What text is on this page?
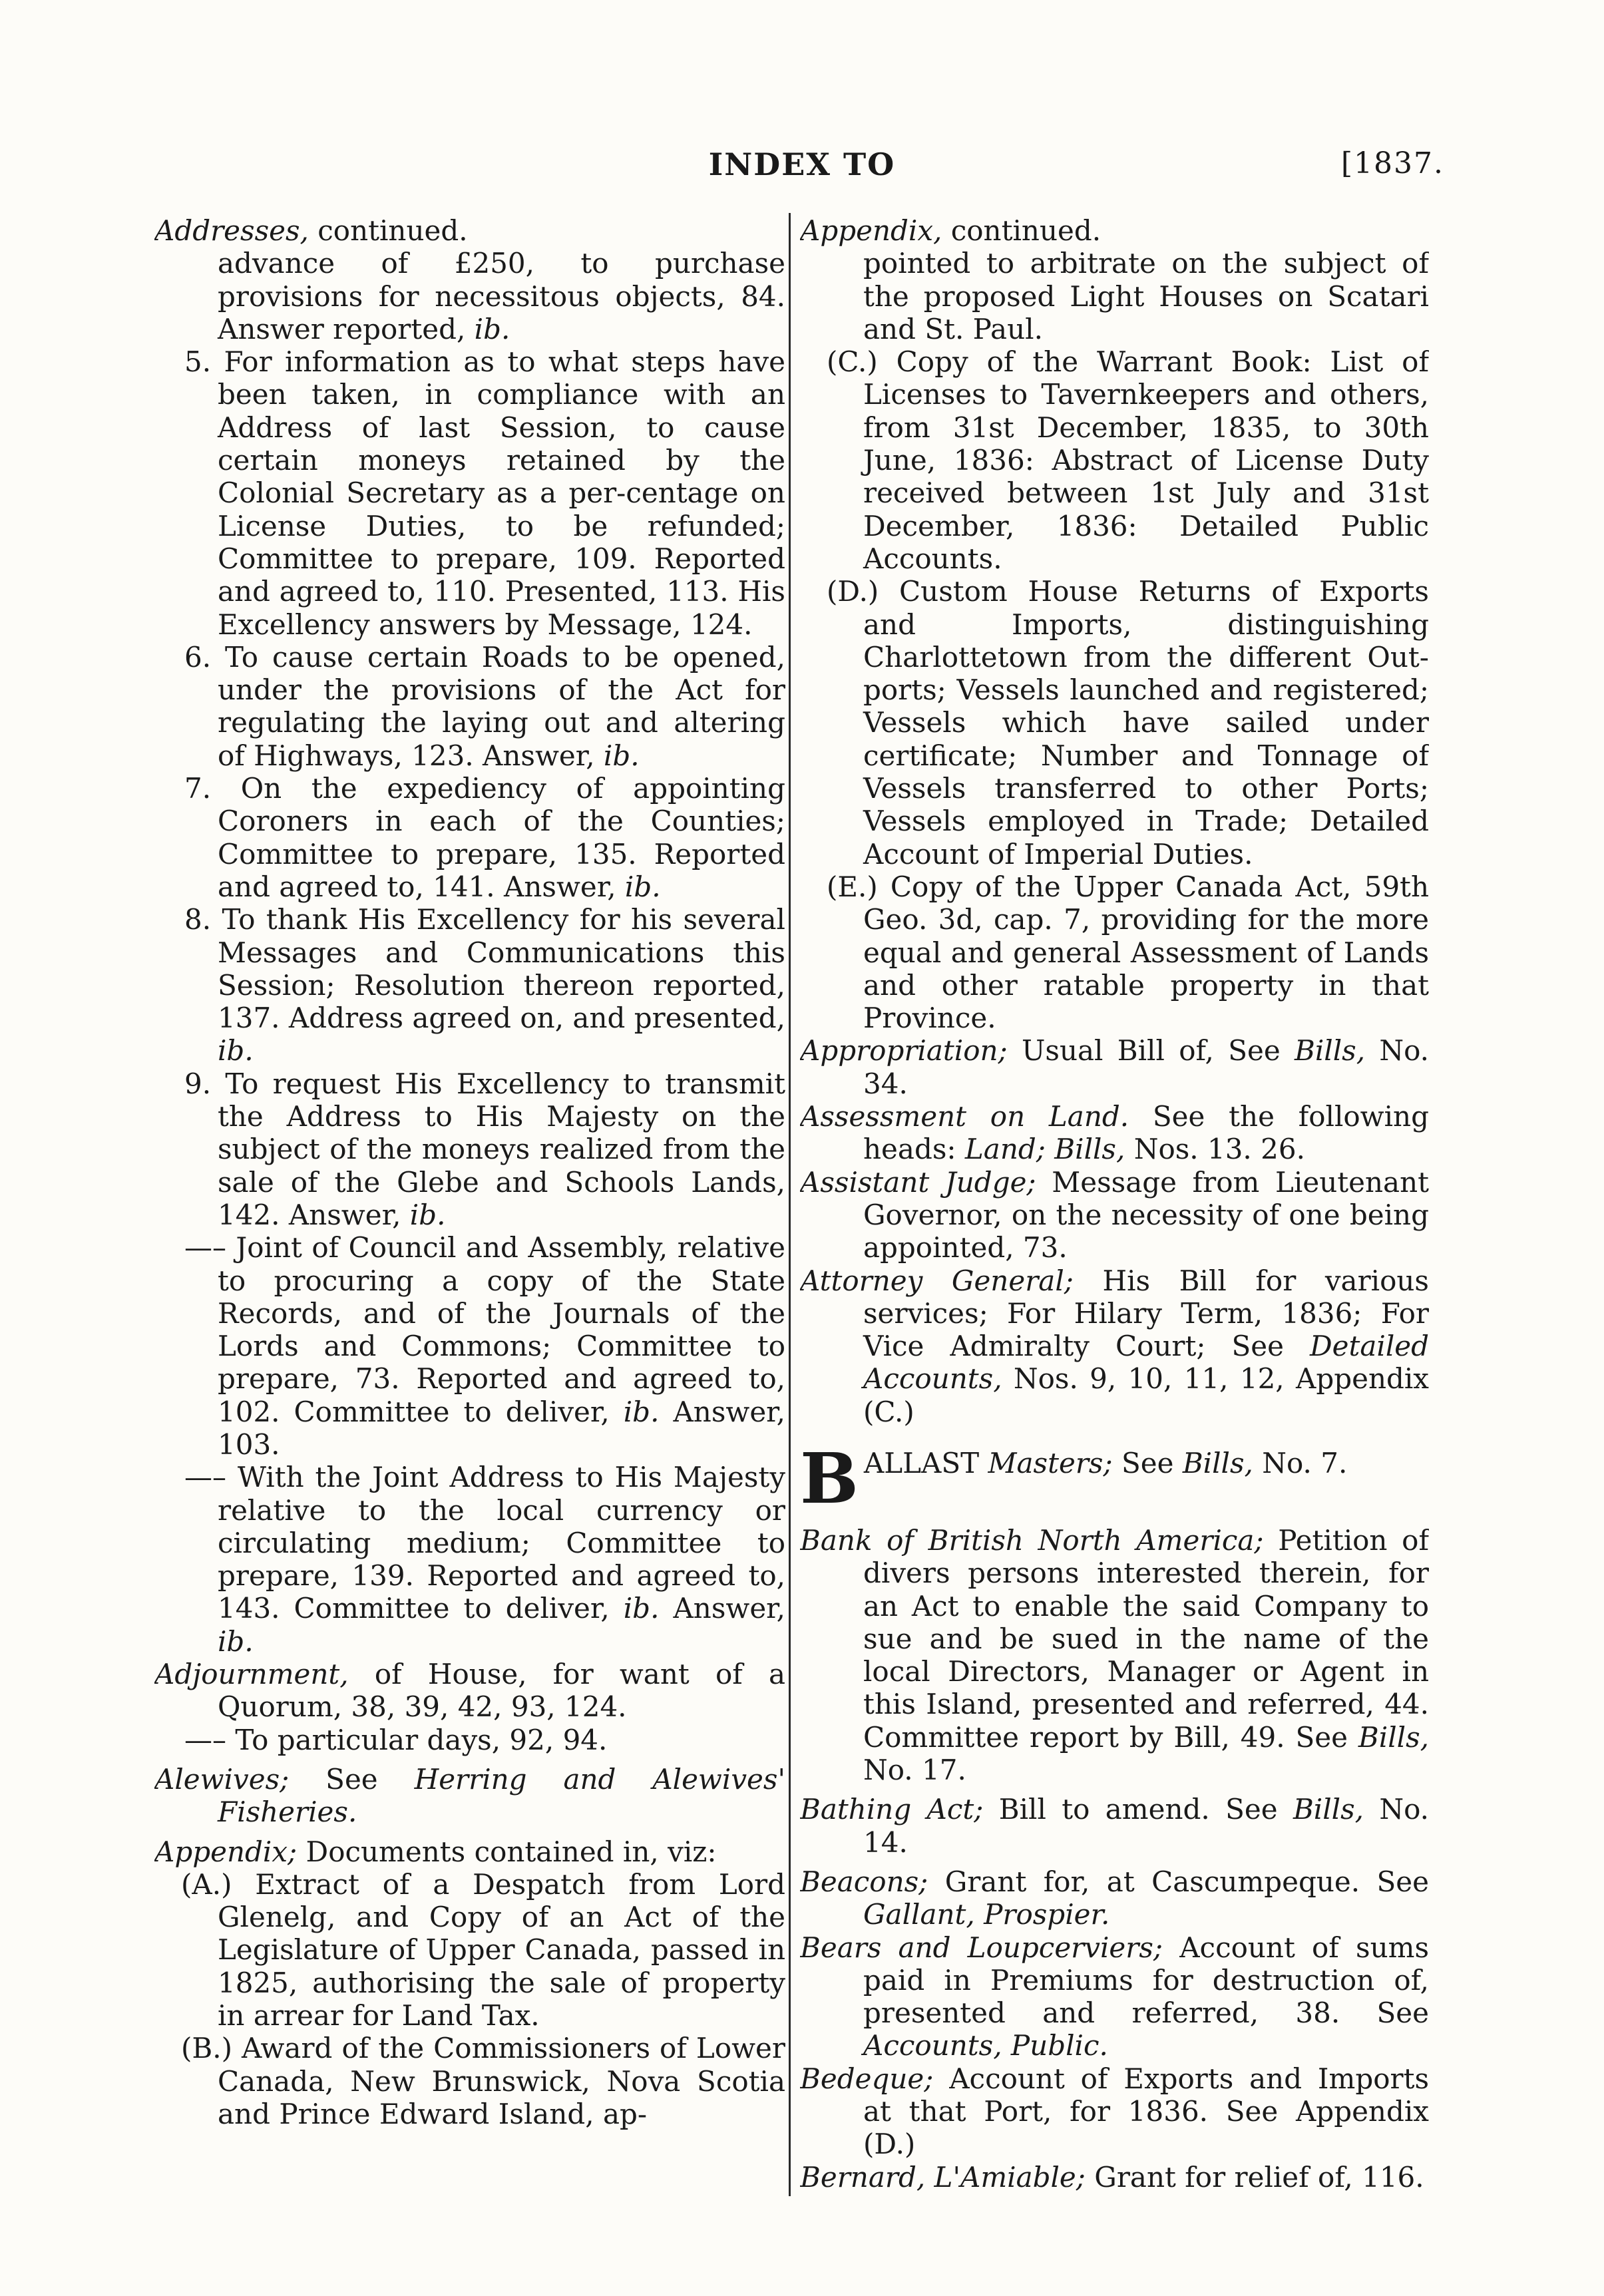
INDEX TO	[1837.

Addresses, continued.

advance of £250, to purchase provisions for necessitous objects, 84. Answer reported, ib.

5. For information as to what steps have been taken, in compliance with an Address of last Session, to cause certain moneys retained by the Colonial Secretary as a per-centage on License Duties, to be refunded; Committee to prepare, 109. Reported and agreed to, 110. Presented, 113. His Excellency answers by Message, 124.

6. To cause certain Roads to be opened, under the provisions of the Act for regulating the laying out and altering of Highways, 123. Answer, ib.

7. On the expediency of appointing Coroners in each of the Counties; Committee to prepare, 135. Reported and agreed to, 141. Answer, ib.

8. To thank His Excellency for his several Messages and Communications this Session; Resolution thereon reported, 137. Address agreed on, and presented, ib.

9. To request His Excellency to transmit the Address to His Majesty on the subject of the moneys realized from the sale of the Glebe and Schools Lands, 142. Answer, ib.

—– Joint of Council and Assembly, relative to procuring a copy of the State Records, and of the Journals of the Lords and Commons; Committee to prepare, 73. Reported and agreed to, 102. Committee to deliver, ib. Answer, 103.

—– With the Joint Address to His Majesty relative to the local currency or circulating medium; Committee to prepare, 139. Reported and agreed to, 143. Committee to deliver, ib. Answer, ib.

Adjournment, of House, for want of a Quorum, 38, 39, 42, 93, 124.

—– To particular days, 92, 94.

Alewives; See Herring and Alewives' Fisheries.

Appendix; Documents contained in, viz:

(A.) Extract of a Despatch from Lord Glenelg, and Copy of an Act of the Legislature of Upper Canada, passed in 1825, authorising the sale of property in arrear for Land Tax.

(B.) Award of the Commissioners of Lower Canada, New Brunswick, Nova Scotia and Prince Edward Island, ap-

Appendix, continued.

pointed to arbitrate on the subject of the proposed Light Houses on Scatari and St. Paul.

(C.) Copy of the Warrant Book: List of Licenses to Tavernkeepers and others, from 31st December, 1835, to 30th June, 1836: Abstract of License Duty received between 1st July and 31st December, 1836: Detailed Public Accounts.

(D.) Custom House Returns of Exports and Imports, distinguishing Charlottetown from the different Out-ports; Vessels launched and registered; Vessels which have sailed under certificate; Number and Tonnage of Vessels transferred to other Ports; Vessels employed in Trade; Detailed Account of Imperial Duties.

(E.) Copy of the Upper Canada Act, 59th Geo. 3d, cap. 7, providing for the more equal and general Assessment of Lands and other ratable property in that Province.

Appropriation; Usual Bill of, See Bills, No. 34.

Assessment on Land. See the following heads: Land; Bills, Nos. 13. 26.

Assistant Judge; Message from Lieutenant Governor, on the necessity of one being appointed, 73.

Attorney General; His Bill for various services; For Hilary Term, 1836; For Vice Admiralty Court; See Detailed Accounts, Nos. 9, 10, 11, 12, Appendix (C.)

BALLAST Masters; See Bills, No. 7.

Bank of British North America; Petition of divers persons interested therein, for an Act to enable the said Company to sue and be sued in the name of the local Directors, Manager or Agent in this Island, presented and referred, 44. Committee report by Bill, 49. See Bills, No. 17.

Bathing Act; Bill to amend. See Bills, No. 14.

Beacons; Grant for, at Cascumpeque. See Gallant, Prospier.

Bears and Loupcerviers; Account of sums paid in Premiums for destruction of, presented and referred, 38. See Accounts, Public.

Bedeque; Account of Exports and Imports at that Port, for 1836. See Appendix (D.)

Bernard, L'Amiable; Grant for relief of, 116.
